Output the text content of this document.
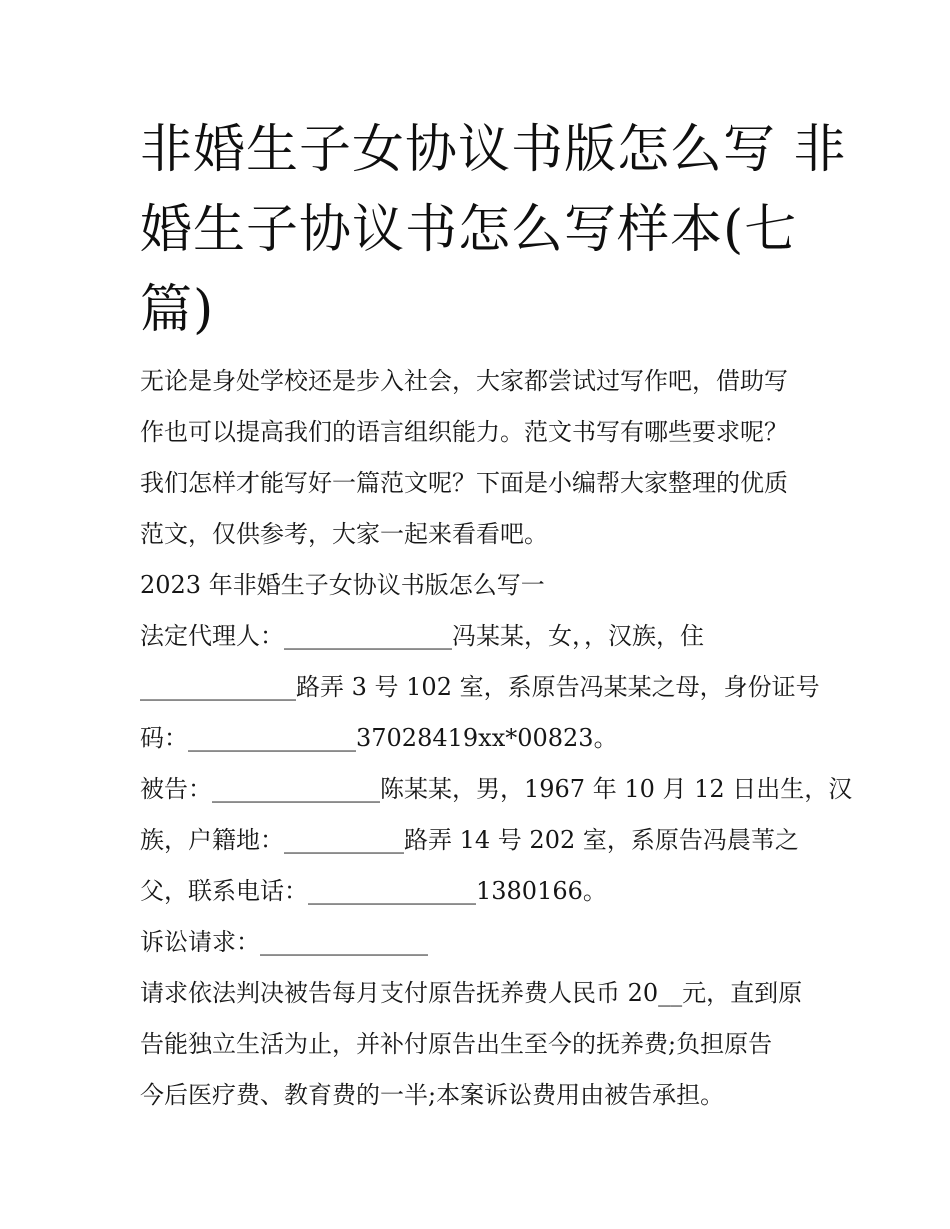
非婚生子女协议书版怎么写 非
婚生子协议书怎么写样本(七
篇)
无论是身处学校还是步入社会，大家都尝试过写作吧，借助写
作也可以提高我们的语言组织能力。范文书写有哪些要求呢？
我们怎样才能写好一篇范文呢？下面是小编帮大家整理的优质
范文，仅供参考，大家一起来看看吧。
2023 年非婚生子女协议书版怎么写一
法定代理人：______________冯某某，女，，汉族，住
_____________路弄 3 号 102 室，系原告冯某某之母，身份证号
码：______________37028419xx*00823。
被告：______________陈某某，男，1967 年 10 月 12 日出生，汉
族，户籍地：__________路弄 14 号 202 室，系原告冯晨苇之
父，联系电话：______________1380166。
诉讼请求：______________
请求依法判决被告每月支付原告抚养费人民币 20__元，直到原
告能独立生活为止，并补付原告出生至今的抚养费;负担原告
今后医疗费、教育费的一半;本案诉讼费用由被告承担。
